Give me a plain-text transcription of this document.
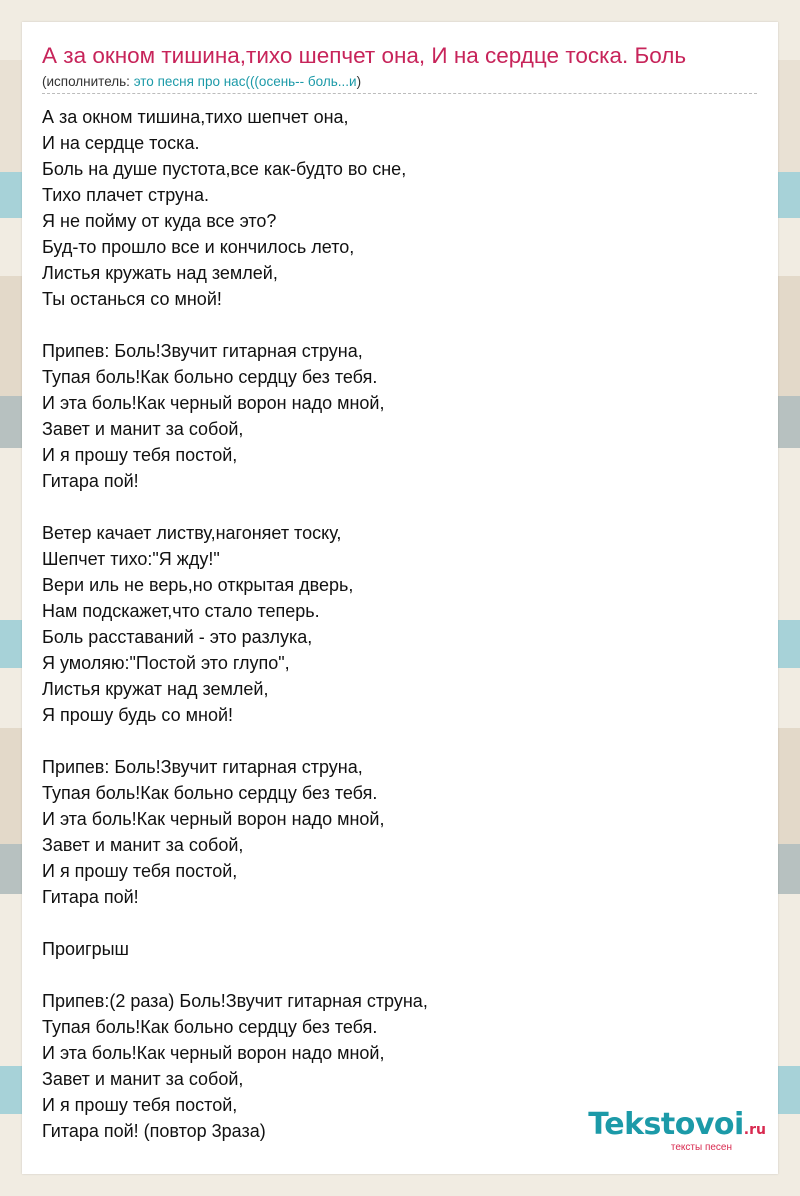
А за окном тишина,тихо шепчет она, И на сердце тоска. Боль
(исполнитель: это песня про нас(((осень-- боль...и)
А за окном тишина,тихо шепчет она,
И на сердце тоска.
Боль на душе пустота,все как-будто во сне,
Тихо плачет струна.
Я не пойму от куда все это?
Буд-то прошло все и кончилось лето,
Листья кружать над землей,
Ты останься со мной!

Припев: Боль!Звучит гитарная струна,
Тупая боль!Как больно сердцу без тебя.
И эта боль!Как черный ворон надо мной,
Завет и манит за собой,
И я прошу тебя постой,
Гитара пой!

Ветер качает листву,нагоняет тоску,
Шепчет тихо:"Я жду!"
Вери иль не верь,но открытая дверь,
Нам подскажет,что стало теперь.
Боль расставаний - это разлука,
Я умоляю:"Постой это глупо",
Листья кружат над землей,
Я прошу будь со мной!

Припев: Боль!Звучит гитарная струна,
Тупая боль!Как больно сердцу без тебя.
И эта боль!Как черный ворон надо мной,
Завет и манит за собой,
И я прошу тебя постой,
Гитара пой!

Проигрыш

Припев:(2 раза) Боль!Звучит гитарная струна,
Тупая боль!Как больно сердцу без тебя.
И эта боль!Как черный ворон надо мной,
Завет и манит за собой,
И я прошу тебя постой,
Гитара пой! (повтор 3раза)	Tekstovoi.ru
тексты песен
